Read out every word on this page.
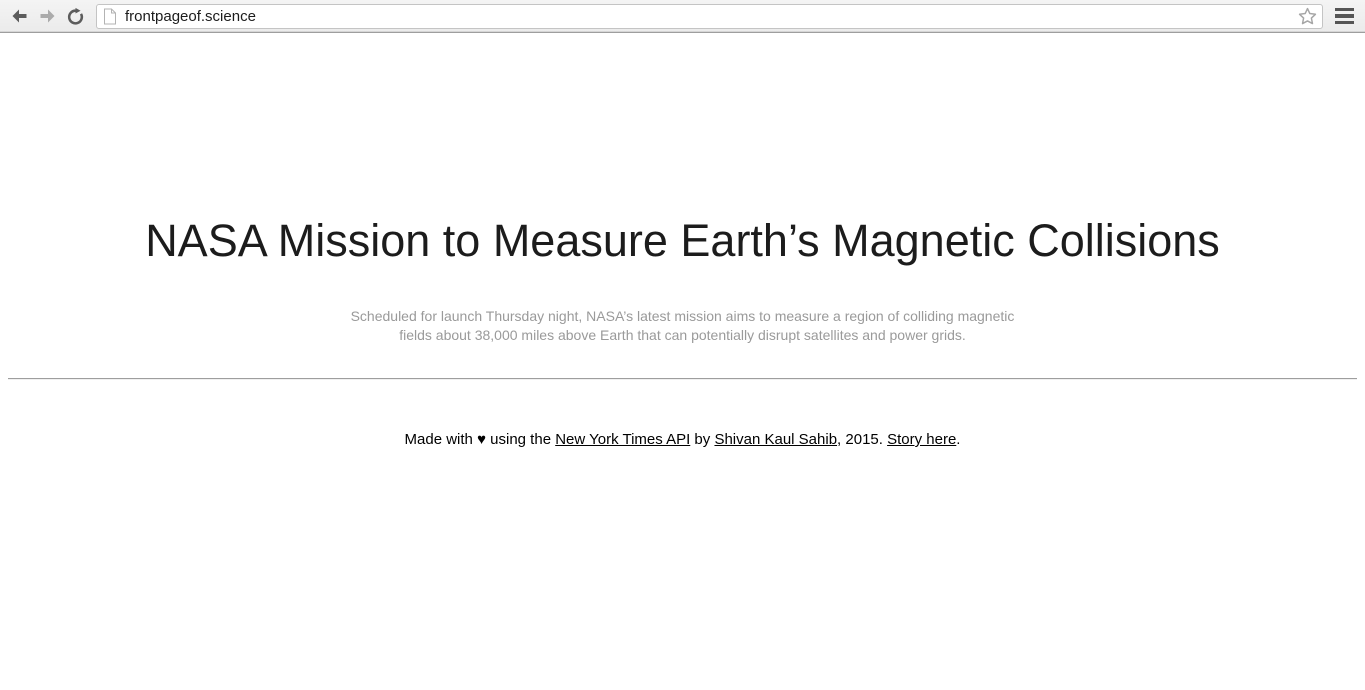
frontpageof.science
NASA Mission to Measure Earth’s Magnetic Collisions

Scheduled for launch Thursday night, NASA’s latest mission aims to measure a region of colliding magnetic fields about 38,000 miles above Earth that can potentially disrupt satellites and power grids.

Made with ♥ using the New York Times API by Shivan Kaul Sahib, 2015. Story here.
